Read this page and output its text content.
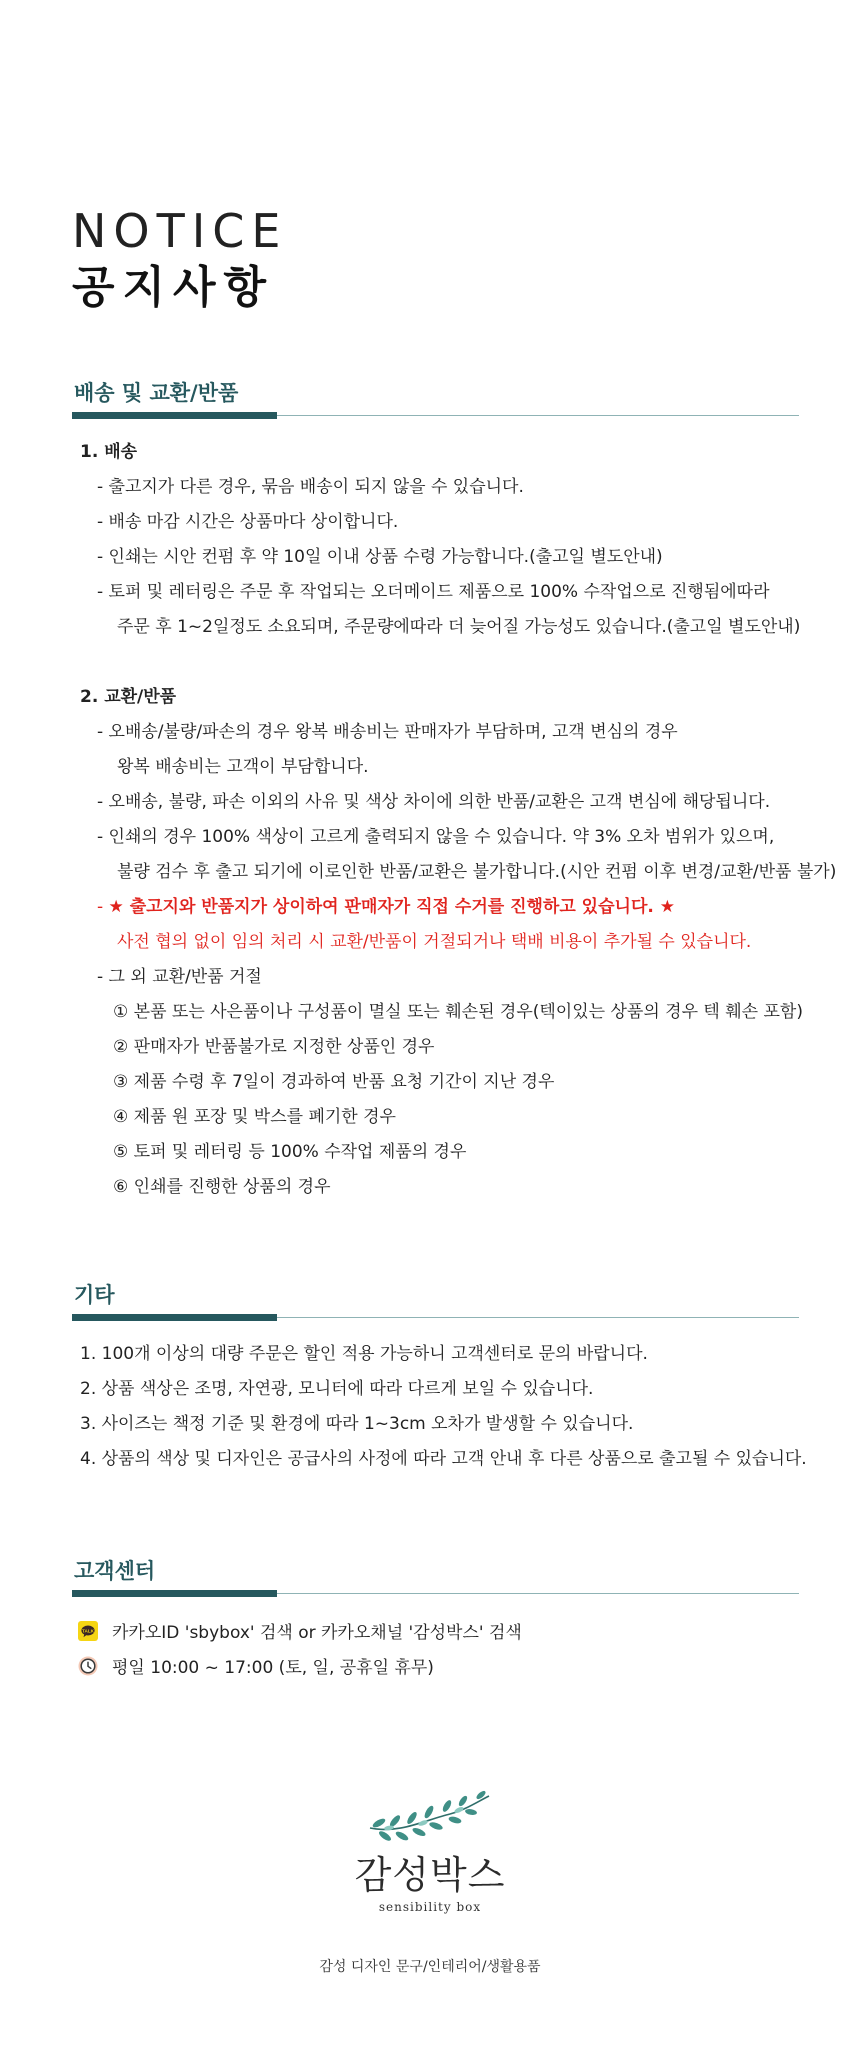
NOTICE
공지사항
배송 및 교환/반품
1. 배송
- 출고지가 다른 경우, 묶음 배송이 되지 않을 수 있습니다.
- 배송 마감 시간은 상품마다 상이합니다.
- 인쇄는 시안 컨펌 후 약 10일 이내 상품 수령 가능합니다.(출고일 별도안내)
- 토퍼 및 레터링은 주문 후 작업되는 오더메이드 제품으로 100% 수작업으로 진행됨에따라
주문 후 1~2일정도 소요되며, 주문량에따라 더 늦어질 가능성도 있습니다.(출고일 별도안내)
2. 교환/반품
- 오배송/불량/파손의 경우 왕복 배송비는 판매자가 부담하며, 고객 변심의 경우
왕복 배송비는 고객이 부담합니다.
- 오배송, 불량, 파손 이외의 사유 및 색상 차이에 의한 반품/교환은 고객 변심에 해당됩니다.
- 인쇄의 경우 100% 색상이 고르게 출력되지 않을 수 있습니다. 약 3% 오차 범위가 있으며,
불량 검수 후 출고 되기에 이로인한 반품/교환은 불가합니다.(시안 컨펌 이후 변경/교환/반품 불가)
- ★ 출고지와 반품지가 상이하여 판매자가 직접 수거를 진행하고 있습니다. ★
사전 협의 없이 임의 처리 시 교환/반품이 거절되거나 택배 비용이 추가될 수 있습니다.
- 그 외 교환/반품 거절
① 본품 또는 사은품이나 구성품이 멸실 또는 훼손된 경우(텍이있는 상품의 경우 텍 훼손 포함)
② 판매자가 반품불가로 지정한 상품인 경우
③ 제품 수령 후 7일이 경과하여 반품 요청 기간이 지난 경우
④ 제품 원 포장 및 박스를 폐기한 경우
⑤ 토퍼 및 레터링 등 100% 수작업 제품의 경우
⑥ 인쇄를 진행한 상품의 경우
기타
1. 100개 이상의 대량 주문은 할인 적용 가능하니 고객센터로 문의 바랍니다.
2. 상품 색상은 조명, 자연광, 모니터에 따라 다르게 보일 수 있습니다.
3. 사이즈는 책정 기준 및 환경에 따라 1~3cm 오차가 발생할 수 있습니다.
4. 상품의 색상 및 디자인은 공급사의 사정에 따라 고객 안내 후 다른 상품으로 출고될 수 있습니다.
고객센터
TALK 카카오ID 'sbybox' 검색 or 카카오채널 '감성박스' 검색
평일 10:00 ~ 17:00 (토, 일, 공휴일 휴무)
감성박스
sensibility box
감성 디자인 문구/인테리어/생활용품
